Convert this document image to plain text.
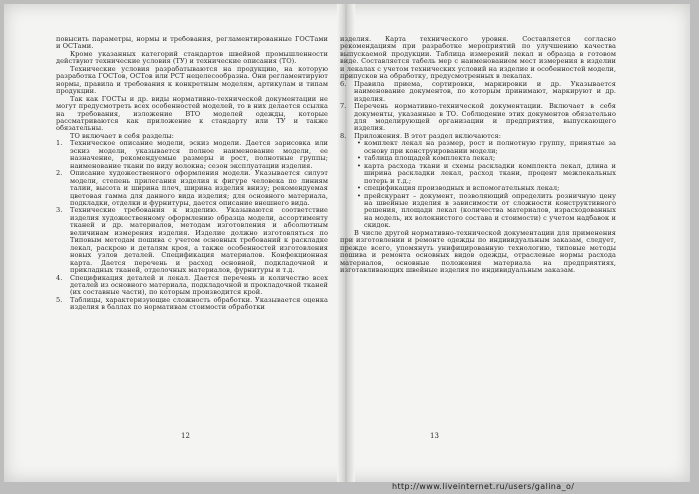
повысить параметры, нормы и требования, регламентированные ГОСТами и ОСТами.

Кроме указанных категорий стандартов швейной промышленности действуют технические условия (ТУ) и технические описания (ТО).

Технические условия разрабатываются на продукцию, на которую разработка ГОСТов, ОСТов или РСТ нецелесообразна. Они регламентируют нормы, правила и требования к конкретным моделям, артикулам и типам продукции.

Так как ГОСТы и др. виды нормативно-технической документации не могут предусмотреть всех особенностей моделей, то в них делается ссылка на требования, изложение ВТО моделей одежды, которые рассматриваются как приложение к стандарту или ТУ и также обязательны.

ТО включает в себя разделы:

1. Техническое описание модели, эскиз модели. Дается зарисовка или эскиз модели, указывается полное наименование модели, ее назначение, рекомендуемые размеры и рост, полнотные группы; наименование ткани по виду волокна; сезон эксплуатации изделия.

2. Описание художественного оформления модели. Указывается силуэт модели, степень прилегания изделия к фигуре человека по линиям талии, высота и ширина плеч, ширина изделия внизу; рекомендуемая цветовая гамма для данного вида изделия; для основного материала, подкладки, отделки и фурнитуры, дается описание внешнего вида.

3. Технические требования к изделию. Указываются соответствие изделия художественному оформлению образца модели, ассортименту тканей и др. материалов, методам изготовления и абсолютным величинам измерения изделия. Изделие должно изготовляться по Типовым методам пошива с учетом основных требований к раскладке лекал, раскрою и деталям кроя, а также особенностей изготовления новых узлов деталей. Спецификация материалов. Конфекционная карта. Дается перечень и расход основной, подкладочной и прикладных тканей, отделочных материалов, фурнитуры и т.д.

4. Спецификация деталей и лекал. Дается перечень и количество всех деталей из основного материала, подкладочной и прокладочной тканей (их составные части), по которым производится крой.

5. Таблицы, характеризующие сложность обработки. Указывается оценка изделия в баллах по нормативам стоимости обработки

12

изделия. Карта технического уровня. Составляется согласно рекомендациям при разработке мероприятий по улучшению качества выпускаемой продукции. Таблица измерений лекал и образца в готовом виде. Составляется табель мер с наименованием мест измерения в изделии и лекалах с учетом технических условий на изделие и особенностей модели, припусков на обработку, предусмотренных в лекалах.

6. Правила приема, сортировки, маркировки и др. Указывается наименование документов, по которым принимают, маркируют и др. изделия.

7. Перечень нормативно-технической документации. Включает в себя документы, указанные в ТО. Соблюдение этих документов обязательно для моделирующей организации и предприятия, выпускающего изделия.

8. Приложения. В этот раздел включаются:

• комплект лекал на размер, рост и полнотную группу, принятые за основу при конструировании модели;

• таблица площадей комплекта лекал;

• карта расхода ткани и схемы раскладки комплекта лекал, длина и ширина раскладки лекал, расход ткани, процент межлекальных потерь и т.д.;

• спецификация производных и вспомогательных лекал;

• прейскурант – документ, позволяющий определить розничную цену на швейные изделия в зависимости от сложности конструктивного решения, площади лекал (количества материалов, израсходованных на модель, их волокнистого состава и стоимости) с учетом надбавок и скидок.

В числе другой нормативно-технической документации для применения при изготовлении и ремонте одежды по индивидуальным заказам, следует, прежде всего, упомянуть унифицированную технологию, типовые методы пошива и ремонта основных видов одежды, отраслевые нормы расхода материалов, основные положения материала на предприятиях, изготавливающих швейные изделия по индивидуальным заказам.

13
http://www.liveinternet.ru/users/galina_o/
